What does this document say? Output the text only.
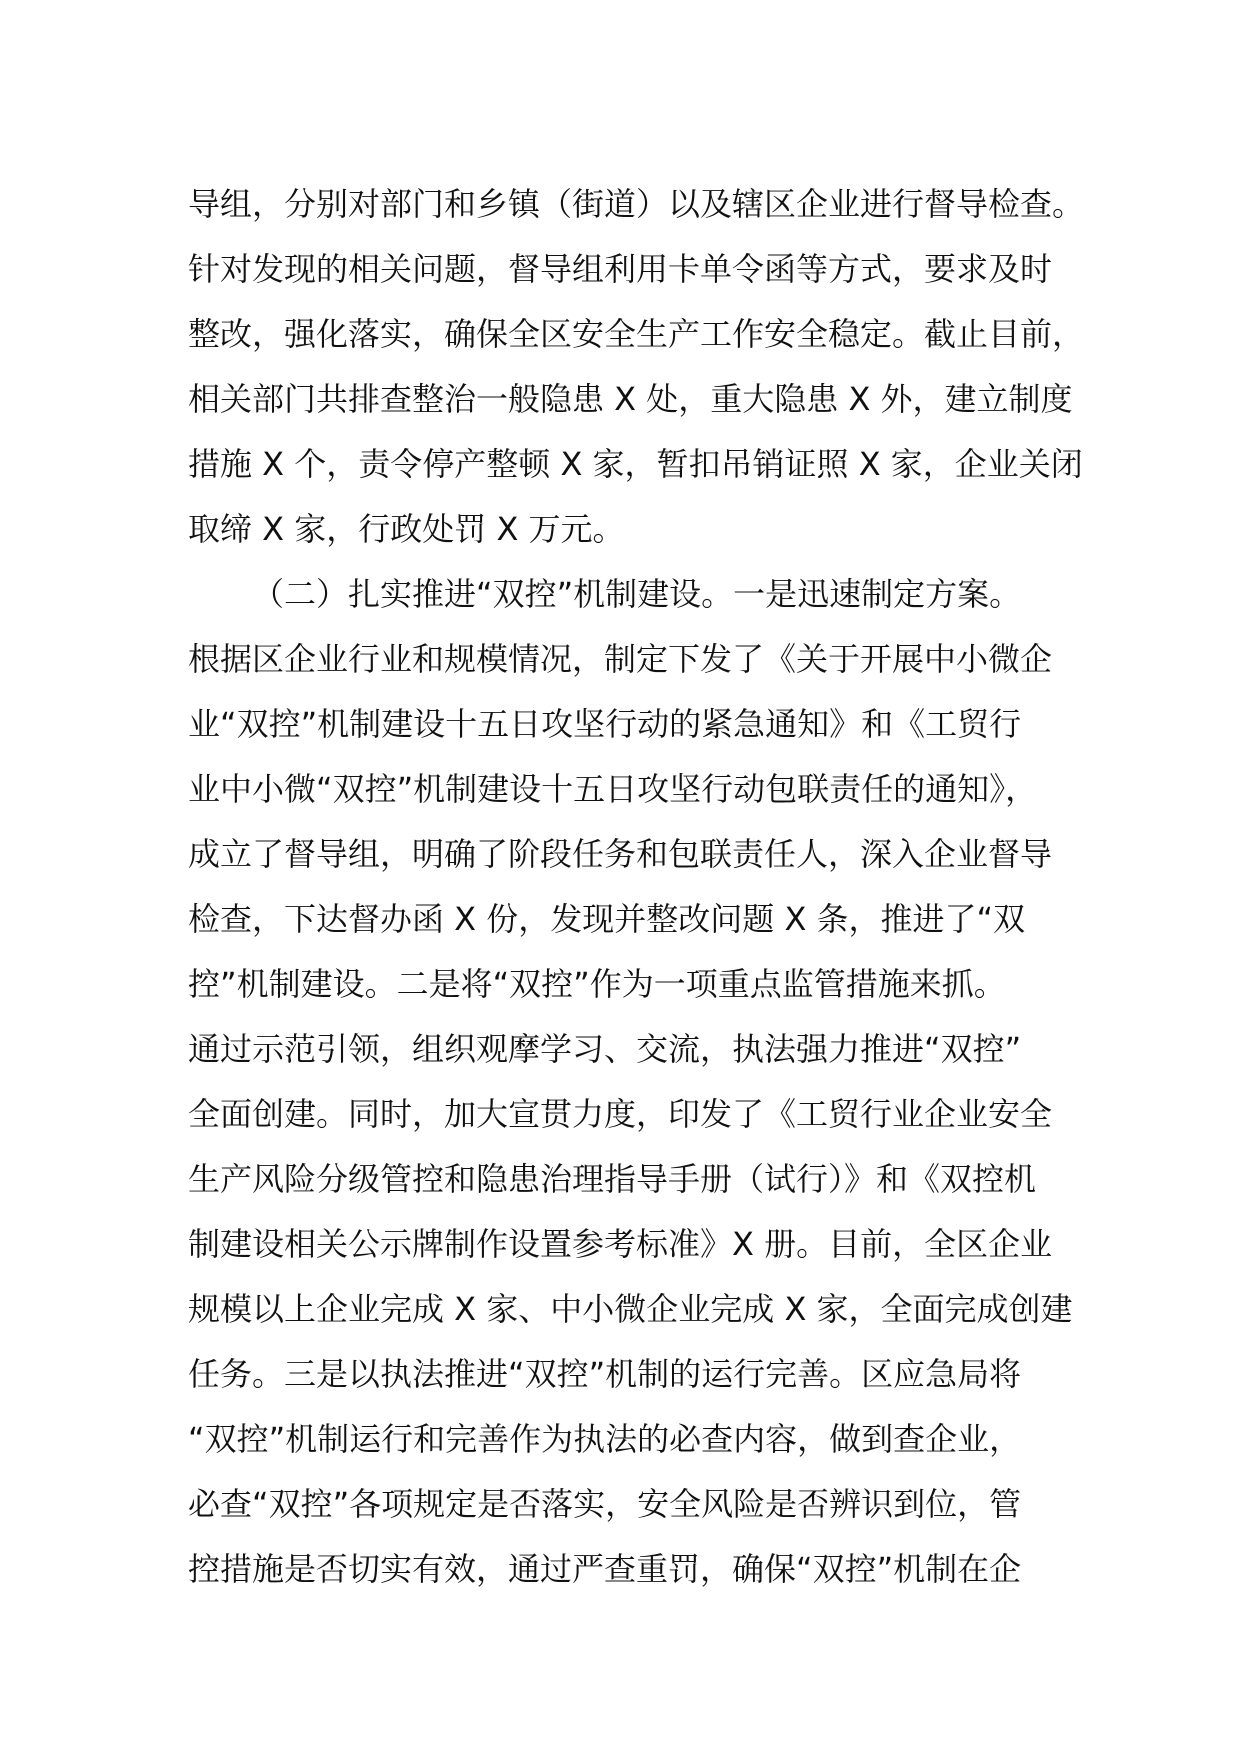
导组，分别对部门和乡镇（街道）以及辖区企业进行督导检查。
针对发现的相关问题，督导组利用卡单令函等方式，要求及时
整改，强化落实，确保全区安全生产工作安全稳定。截止目前，
相关部门共排查整治一般隐患 X 处，重大隐患 X 外，建立制度
措施 X 个，责令停产整顿 X 家，暂扣吊销证照 X 家，企业关闭
取缔 X 家，行政处罚 X 万元。
（二）扎实推进“双控”机制建设。一是迅速制定方案。
根据区企业行业和规模情况，制定下发了《关于开展中小微企
业“双控”机制建设十五日攻坚行动的紧急通知》和《工贸行
业中小微“双控”机制建设十五日攻坚行动包联责任的通知》，
成立了督导组，明确了阶段任务和包联责任人，深入企业督导
检查，下达督办函 X 份，发现并整改问题 X 条，推进了“双
控”机制建设。二是将“双控”作为一项重点监管措施来抓。
通过示范引领，组织观摩学习、交流，执法强力推进“双控”
全面创建。同时，加大宣贯力度，印发了《工贸行业企业安全
生产风险分级管控和隐患治理指导手册（试行）》和《双控机
制建设相关公示牌制作设置参考标准》X 册。目前，全区企业
规模以上企业完成 X 家、中小微企业完成 X 家，全面完成创建
任务。三是以执法推进“双控”机制的运行完善。区应急局将
“双控”机制运行和完善作为执法的必查内容，做到查企业，
必查“双控”各项规定是否落实，安全风险是否辨识到位，管
控措施是否切实有效，通过严查重罚，确保“双控”机制在企
